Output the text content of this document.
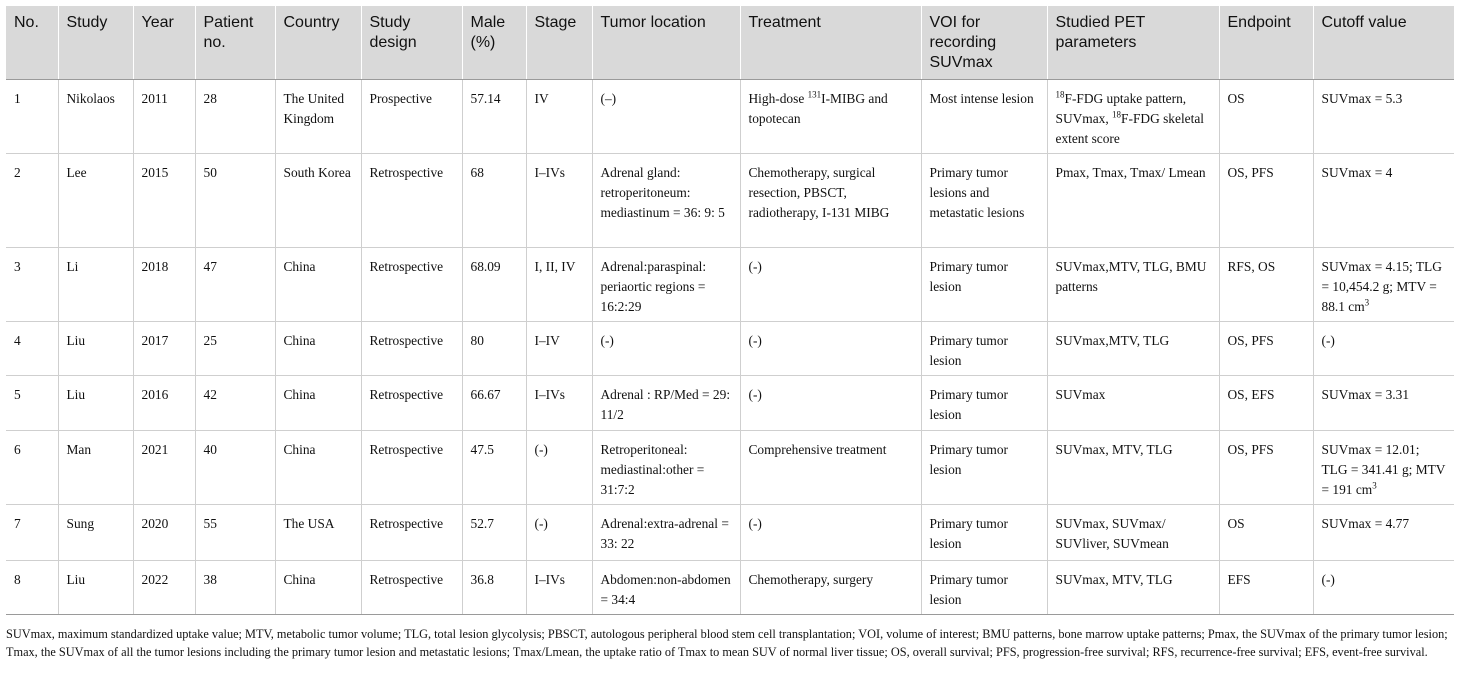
No.	Study	Year	Patient no.	Country	Study design	Male (%)	Stage	Tumor location	Treatment	VOI for recording SUVmax	Studied PET parameters	Endpoint	Cutoff value
1	Nikolaos	2011	28	The United Kingdom	Prospective	57.14	IV	(–)	High-dose $^{131}$I-MIBG and topotecan	Most intense lesion	$^{18}$F-FDG uptake pattern, SUVmax, $^{18}$F-FDG skeletal extent score	OS	SUVmax = 5.3
2	Lee	2015	50	South Korea	Retrospective	68	I–IVs	Adrenal gland: retroperitoneum: mediastinum = 36: 9: 5	Chemotherapy, surgical resection, PBSCT, radiotherapy, I-131 MIBG	Primary tumor lesions and metastatic lesions	Pmax, Tmax, Tmax/ Lmean	OS, PFS	SUVmax = 4
3	Li	2018	47	China	Retrospective	68.09	I, II, IV	Adrenal:paraspinal: periaortic regions = 16:2:29	(-)	Primary tumor lesion	SUVmax,MTV, TLG, BMU patterns	RFS, OS	SUVmax = 4.15; TLG = 10,454.2 g; MTV = 88.1 $cm^3$
4	Liu	2017	25	China	Retrospective	80	I–IV	(-)	(-)	Primary tumor lesion	SUVmax,MTV, TLG	OS, PFS	(-)
5	Liu	2016	42	China	Retrospective	66.67	I–IVs	Adrenal : RP/Med = 29: 11/2	(-)	Primary tumor lesion	SUVmax	OS, EFS	SUVmax = 3.31
6	Man	2021	40	China	Retrospective	47.5	(-)	Retroperitoneal: mediastinal:other = 31:7:2	Comprehensive treatment	Primary tumor lesion	SUVmax, MTV, TLG	OS, PFS	SUVmax = 12.01; TLG = 341.41 g; MTV = 191 $cm^3$
7	Sung	2020	55	The USA	Retrospective	52.7	(-)	Adrenal:extra-adrenal = 33: 22	(-)	Primary tumor lesion	SUVmax, SUVmax/ SUVliver, SUVmean	OS	SUVmax = 4.77
8	Liu	2022	38	China	Retrospective	36.8	I–IVs	Abdomen:non-abdomen = 34:4	Chemotherapy, surgery	Primary tumor lesion	SUVmax, MTV, TLG	EFS	(-)
SUVmax, maximum standardized uptake value; MTV, metabolic tumor volume; TLG, total lesion glycolysis; PBSCT, autologous peripheral blood stem cell transplantation; VOI, volume of interest; BMU patterns, bone marrow uptake patterns; Pmax, the SUVmax of the primary tumor lesion; Tmax, the SUVmax of all the tumor lesions including the primary tumor lesion and metastatic lesions; Tmax/Lmean, the uptake ratio of Tmax to mean SUV of normal liver tissue; OS, overall survival; PFS, progression-free survival; RFS, recurrence-free survival; EFS, event-free survival.
